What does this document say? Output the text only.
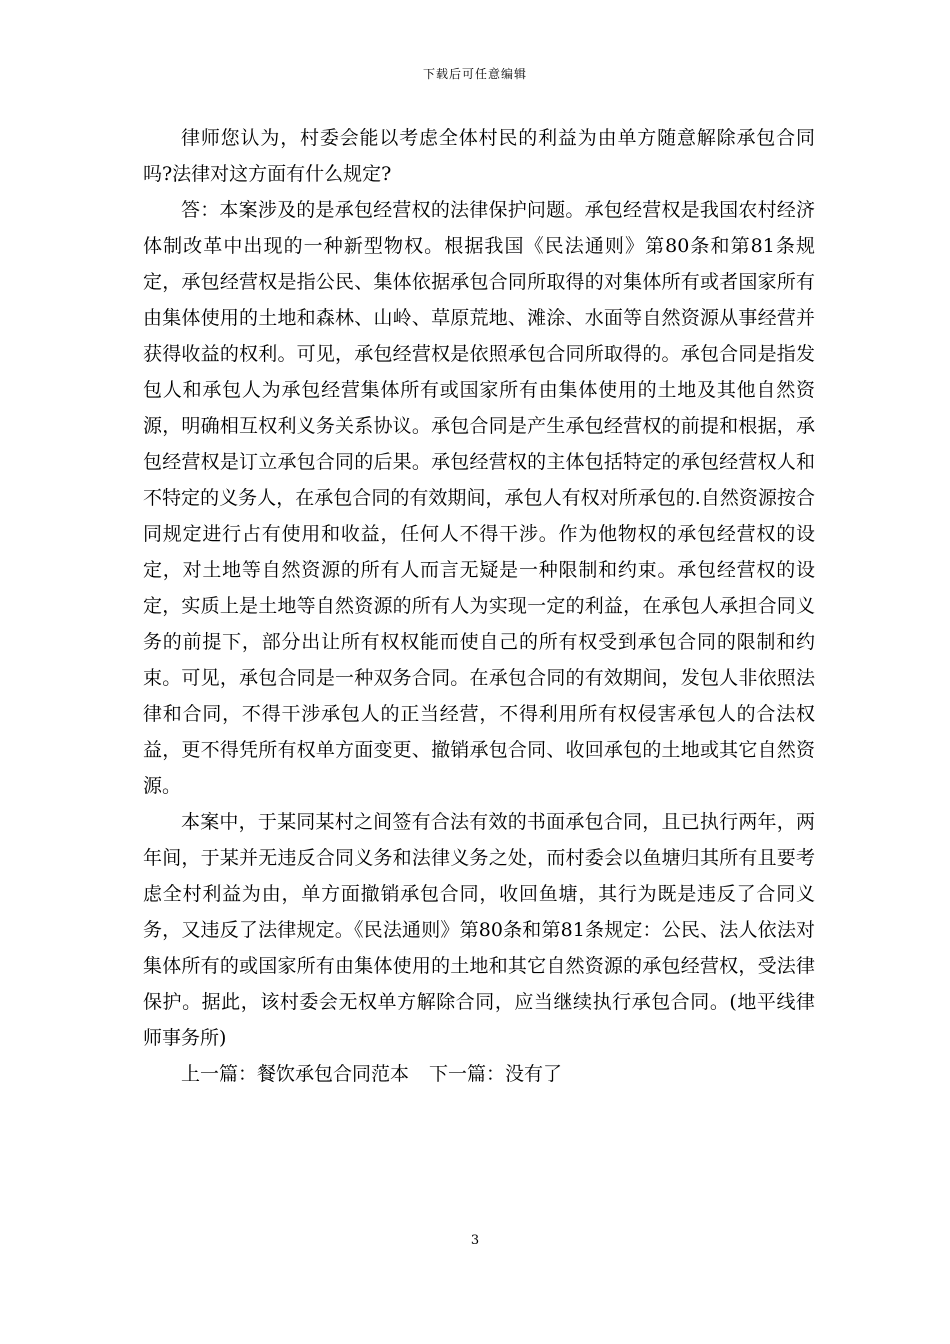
下载后可任意编辑

律师您认为，村委会能以考虑全体村民的利益为由单方随意解除承包合同吗?法律对这方面有什么规定?

答：本案涉及的是承包经营权的法律保护问题。承包经营权是我国农村经济体制改革中出现的一种新型物权。根据我国《民法通则》第80条和第81条规定，承包经营权是指公民、集体依据承包合同所取得的对集体所有或者国家所有由集体使用的土地和森林、山岭、草原荒地、滩涂、水面等自然资源从事经营并获得收益的权利。可见，承包经营权是依照承包合同所取得的。承包合同是指发包人和承包人为承包经营集体所有或国家所有由集体使用的土地及其他自然资源，明确相互权利义务关系协议。承包合同是产生承包经营权的前提和根据，承包经营权是订立承包合同的后果。承包经营权的主体包括特定的承包经营权人和不特定的义务人，在承包合同的有效期间，承包人有权对所承包的.自然资源按合同规定进行占有使用和收益，任何人不得干涉。作为他物权的承包经营权的设定，对土地等自然资源的所有人而言无疑是一种限制和约束。承包经营权的设定，实质上是土地等自然资源的所有人为实现一定的利益，在承包人承担合同义务的前提下，部分出让所有权权能而使自己的所有权受到承包合同的限制和约束。可见，承包合同是一种双务合同。在承包合同的有效期间，发包人非依照法律和合同，不得干涉承包人的正当经营，不得利用所有权侵害承包人的合法权益，更不得凭所有权单方面变更、撤销承包合同、收回承包的土地或其它自然资源。

本案中，于某同某村之间签有合法有效的书面承包合同，且已执行两年，两年间，于某并无违反合同义务和法律义务之处，而村委会以鱼塘归其所有且要考虑全村利益为由，单方面撤销承包合同，收回鱼塘，其行为既是违反了合同义务，又违反了法律规定。《民法通则》第80条和第81条规定：公民、法人依法对集体所有的或国家所有由集体使用的土地和其它自然资源的承包经营权，受法律保护。据此，该村委会无权单方解除合同，应当继续执行承包合同。(地平线律师事务所)

上一篇：餐饮承包合同范本 下一篇：没有了

3
